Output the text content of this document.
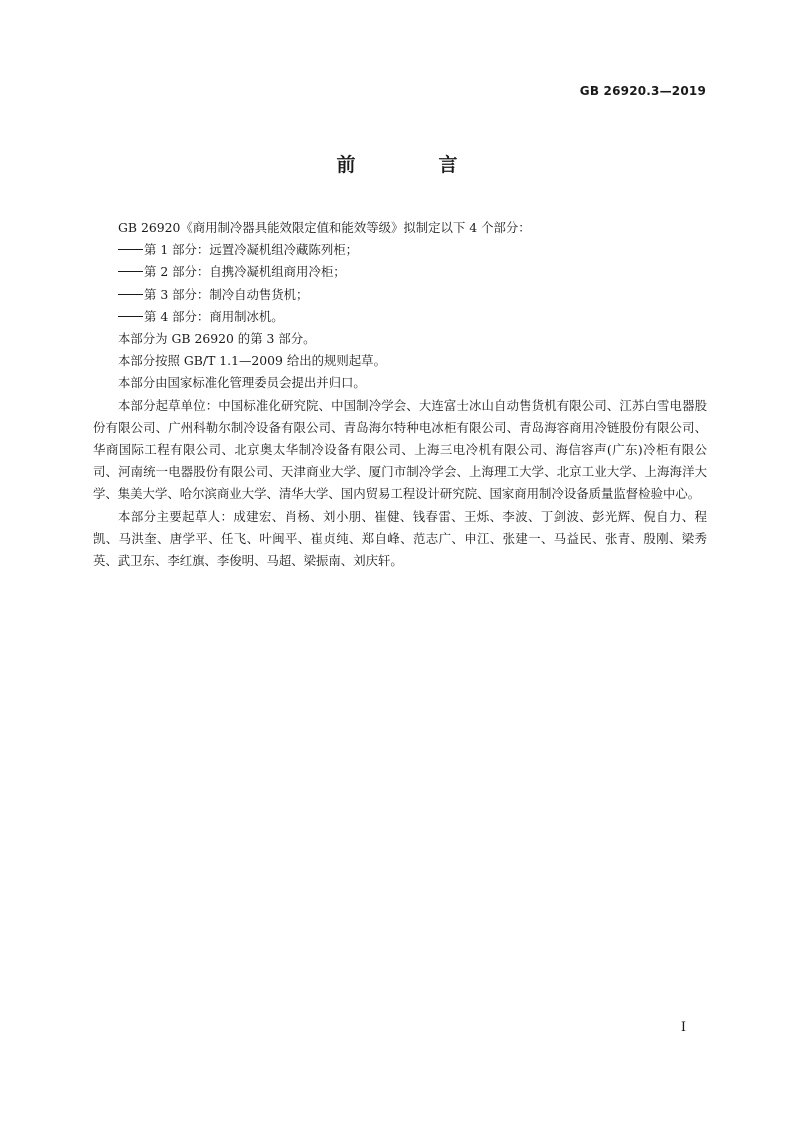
GB 26920.3—2019
前　言

GB 26920《商用制冷器具能效限定值和能效等级》拟制定以下 4 个部分：

第 1 部分：远置冷凝机组冷藏陈列柜；

第 2 部分：自携冷凝机组商用冷柜；

第 3 部分：制冷自动售货机；

第 4 部分：商用制冰机。

本部分为 GB 26920 的第 3 部分。

本部分按照 GB/T 1.1—2009 给出的规则起草。

本部分由国家标准化管理委员会提出并归口。

本部分起草单位：中国标准化研究院、中国制冷学会、大连富士冰山自动售货机有限公司、江苏白雪电器股份有限公司、广州科勒尔制冷设备有限公司、青岛海尔特种电冰柜有限公司、青岛海容商用冷链股份有限公司、华商国际工程有限公司、北京奥太华制冷设备有限公司、上海三电冷机有限公司、海信容声(广东)冷柜有限公司、河南统一电器股份有限公司、天津商业大学、厦门市制冷学会、上海理工大学、北京工业大学、上海海洋大学、集美大学、哈尔滨商业大学、清华大学、国内贸易工程设计研究院、国家商用制冷设备质量监督检验中心。

本部分主要起草人：成建宏、肖杨、刘小朋、崔健、钱春雷、王烁、李波、丁剑波、彭光辉、倪自力、程凯、马洪奎、唐学平、任飞、叶闽平、崔贞纯、郑自峰、范志广、申江、张建一、马益民、张青、殷刚、梁秀英、武卫东、李红旗、李俊明、马超、梁振南、刘庆轩。

I
